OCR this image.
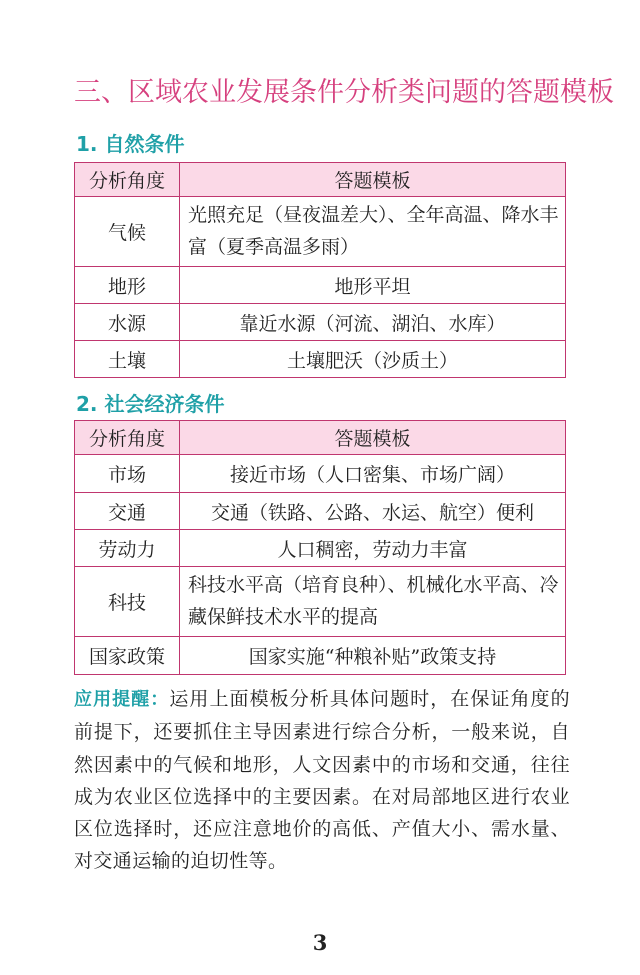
三、区域农业发展条件分析类问题的答题模板
1. 自然条件
分析角度	答题模板
气候	光照充足（昼夜温差大）、全年高温、降水丰富（夏季高温多雨）
地形	地形平坦
水源	靠近水源（河流、湖泊、水库）
土壤	土壤肥沃（沙质土）
2. 社会经济条件
分析角度	答题模板
市场	接近市场（人口密集、市场广阔）
交通	交通（铁路、公路、水运、航空）便利
劳动力	人口稠密，劳动力丰富
科技	科技水平高（培育良种）、机械化水平高、冷藏保鲜技术水平的提高
国家政策	国家实施“种粮补贴”政策支持
应用提醒：运用上面模板分析具体问题时，在保证角度的前提下，还要抓住主导因素进行综合分析，一般来说，自然因素中的气候和地形，人文因素中的市场和交通，往往成为农业区位选择中的主要因素。在对局部地区进行农业区位选择时，还应注意地价的高低、产值大小、需水量、对交通运输的迫切性等。
3
